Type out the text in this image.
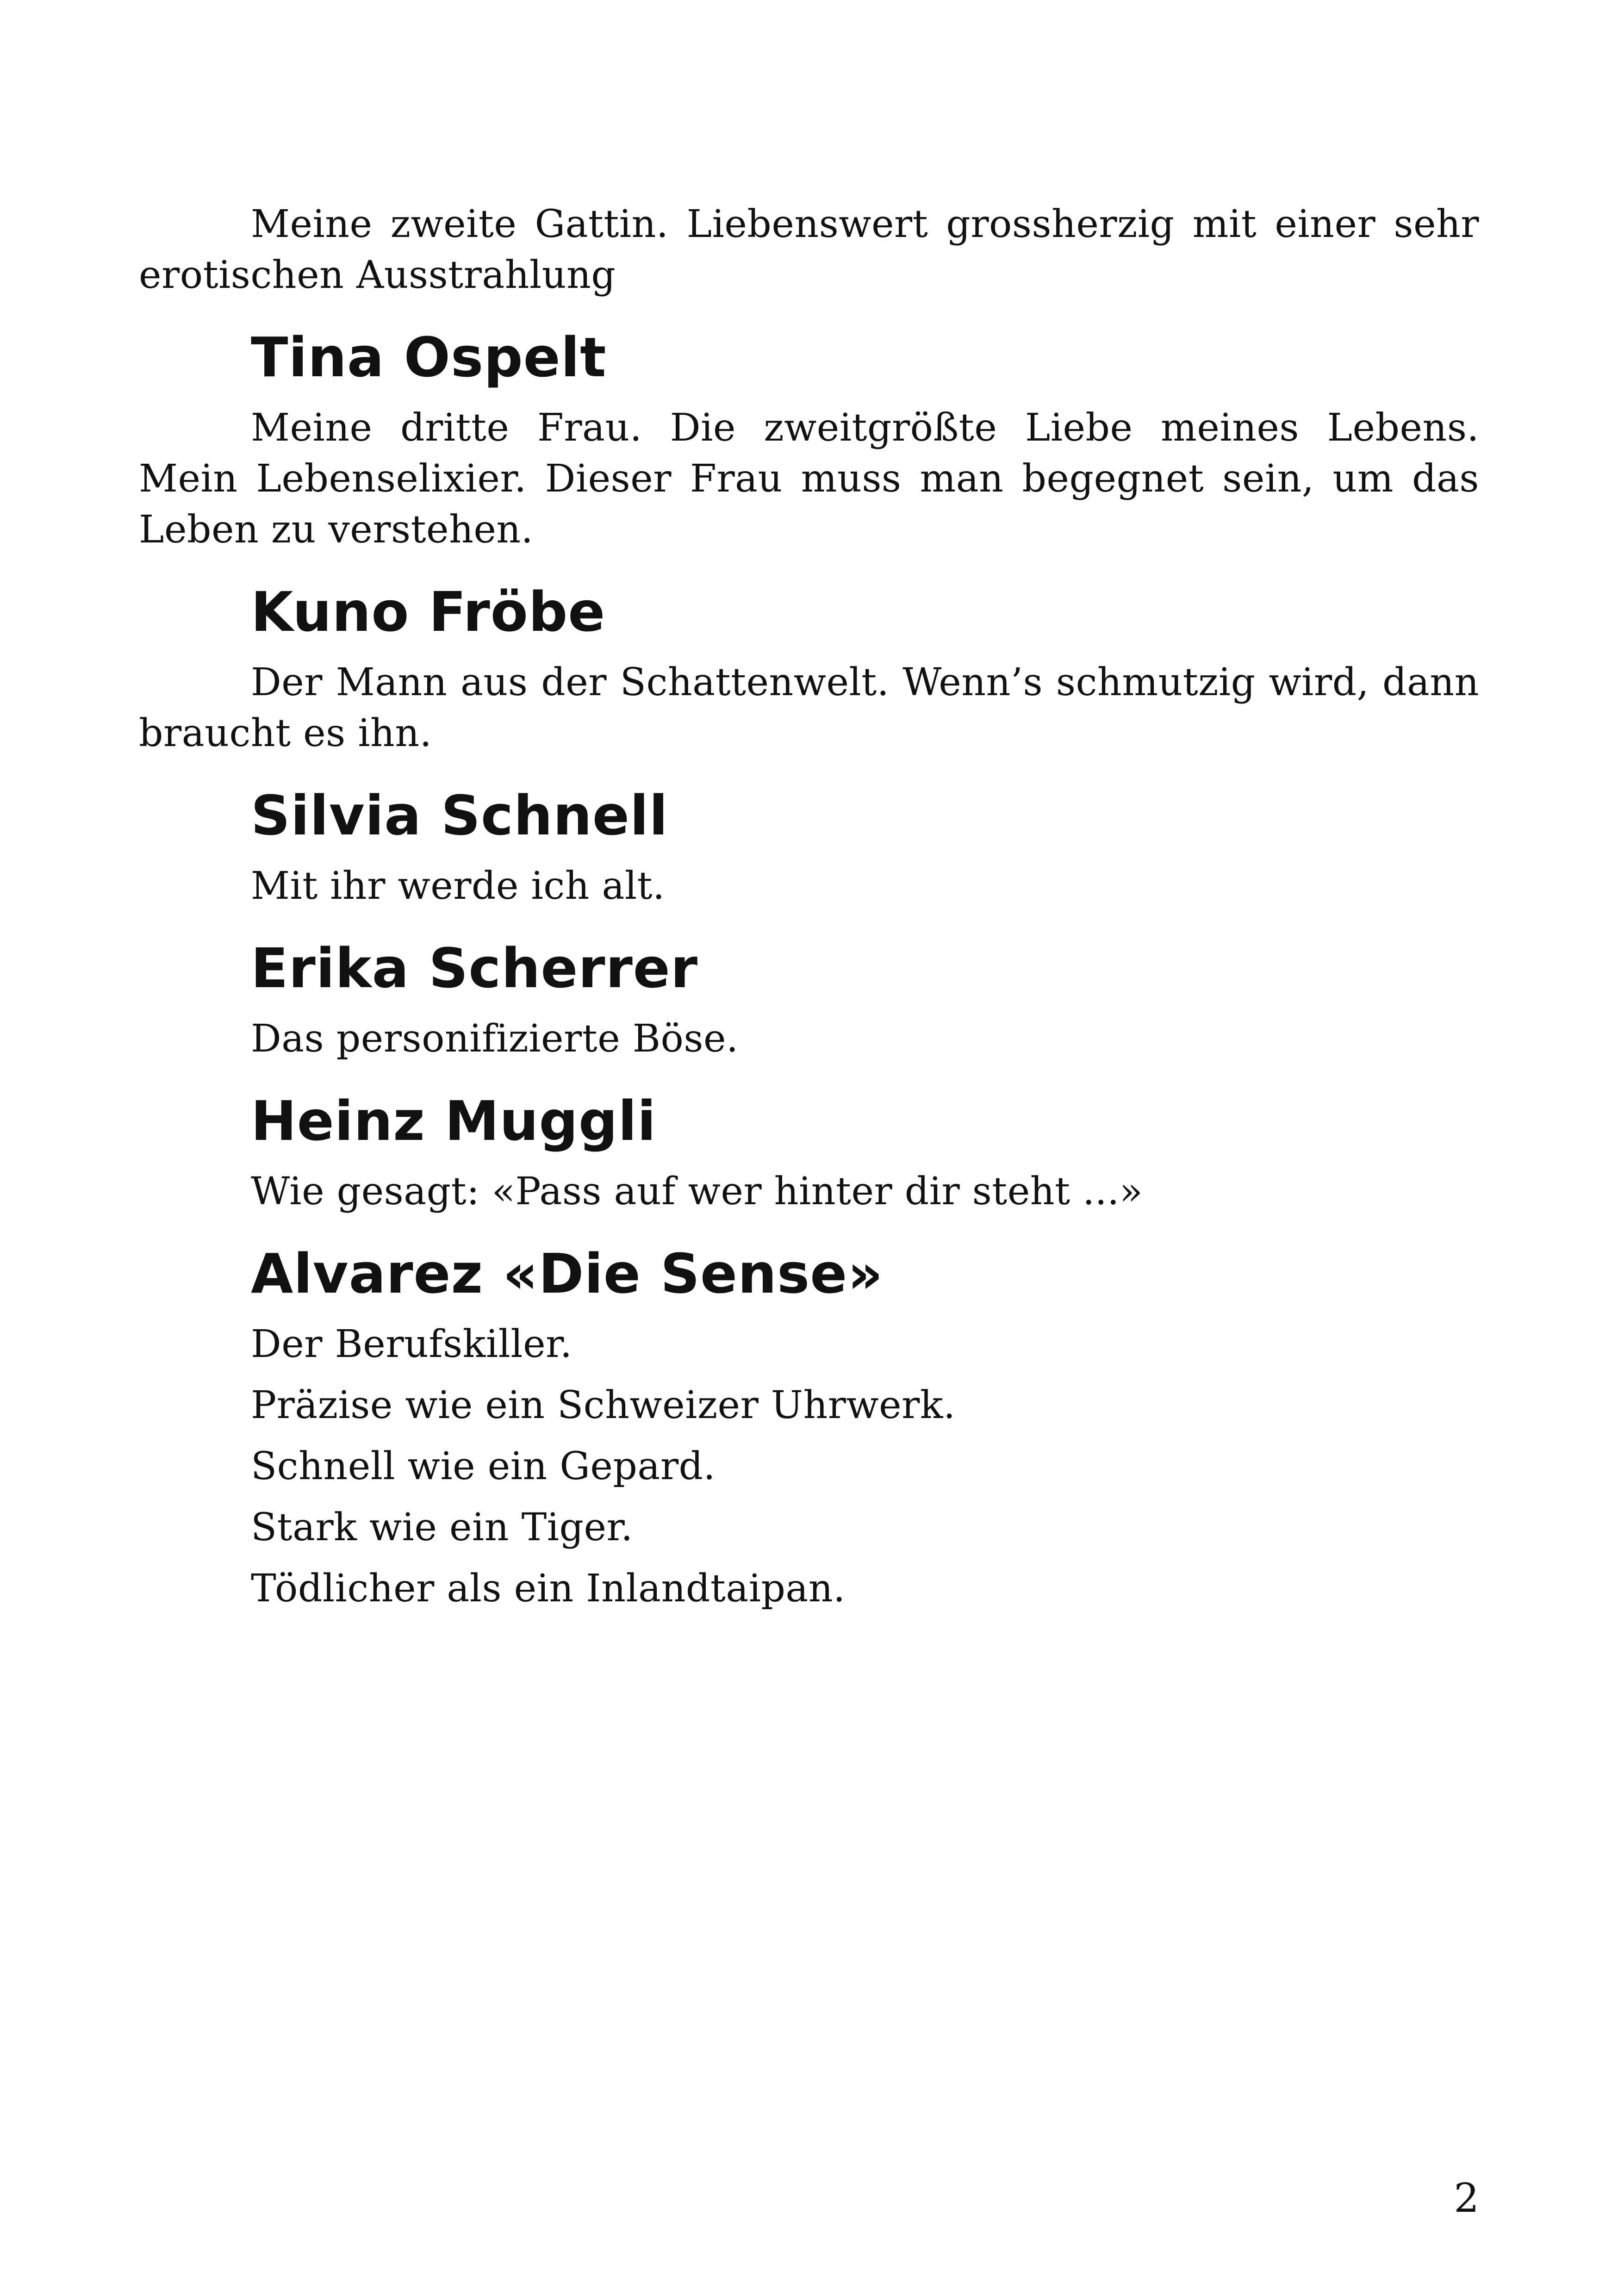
Meine zweite Gattin. Liebenswert grossherzig mit einer sehr erotischen Ausstrahlung

Tina Ospelt

Meine dritte Frau. Die zweitgrößte Liebe meines Lebens. Mein Lebenselixier. Dieser Frau muss man begegnet sein, um das Leben zu verstehen.

Kuno Fröbe

Der Mann aus der Schattenwelt. Wenn’s schmutzig wird, dann braucht es ihn.

Silvia Schnell

Mit ihr werde ich alt.

Erika Scherrer

Das personifizierte Böse.

Heinz Muggli

Wie gesagt: «Pass auf wer hinter dir steht ...»

Alvarez «Die Sense»

Der Berufskiller.

Präzise wie ein Schweizer Uhrwerk.

Schnell wie ein Gepard.

Stark wie ein Tiger.

Tödlicher als ein Inlandtaipan.

2
